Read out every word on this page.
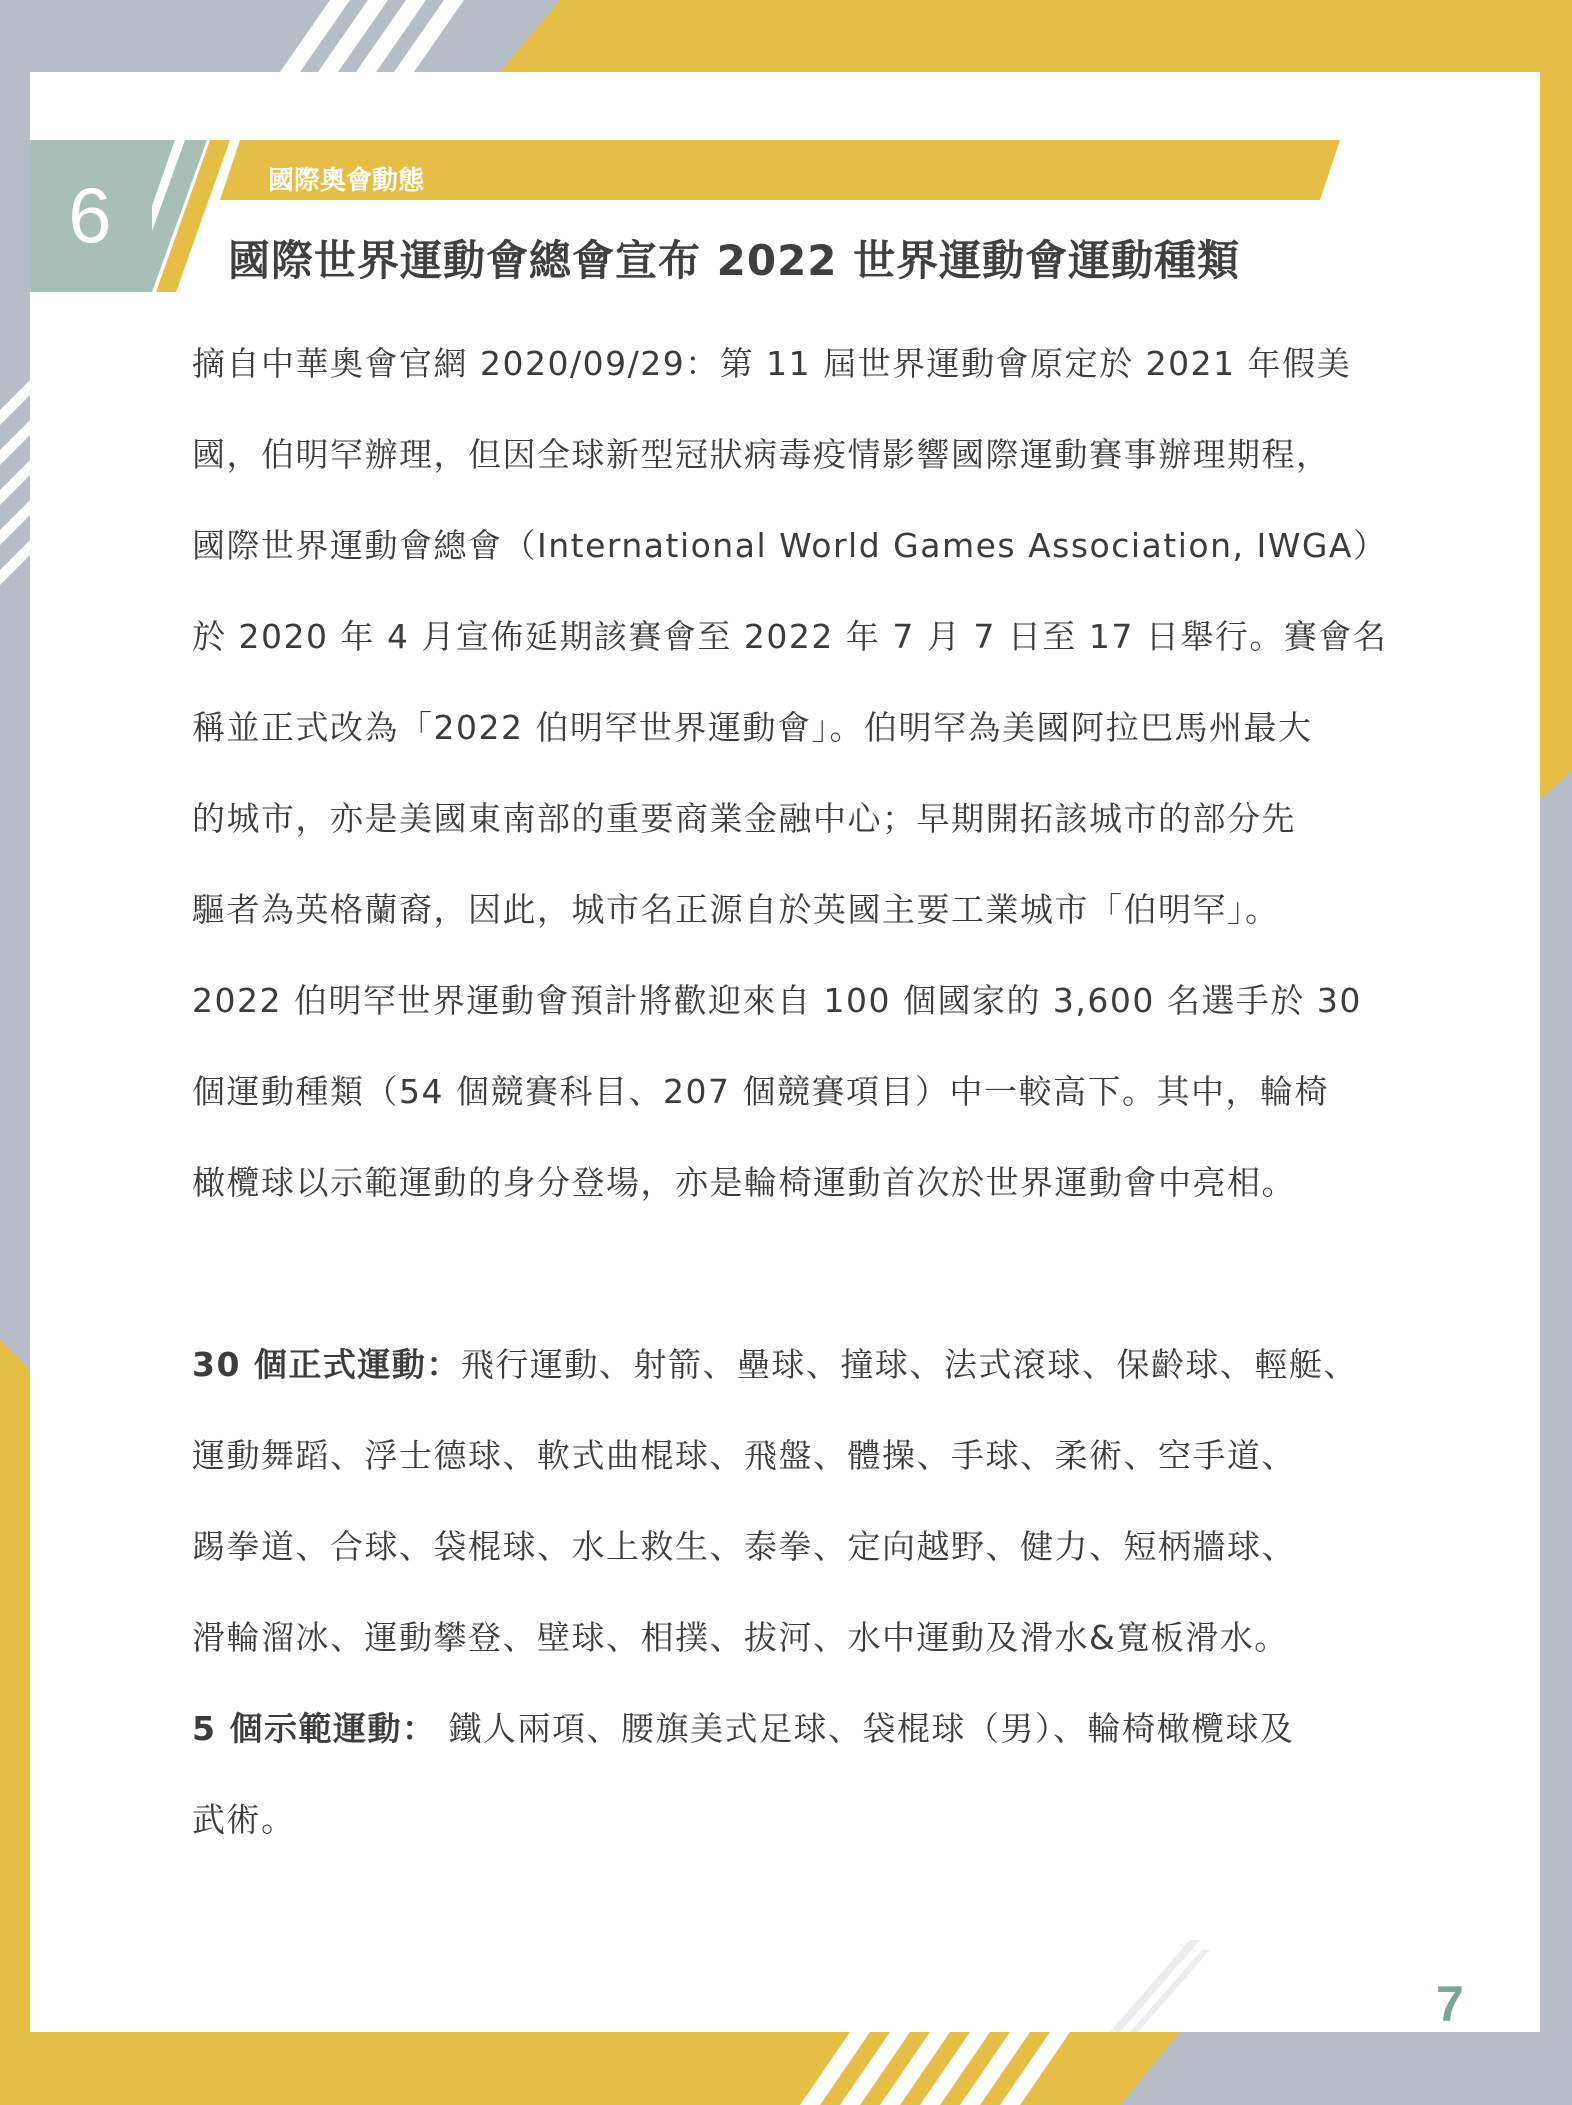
6	國際奧會動態
國際世界運動會總會宣布 2022 世界運動會運動種類
摘自中華奧會官網 2020/09/29：第 11 屆世界運動會原定於 2021 年假美
國，伯明罕辦理，但因全球新型冠狀病毒疫情影響國際運動賽事辦理期程，
國際世界運動會總會（International World Games Association, IWGA）
於 2020 年 4 月宣佈延期該賽會至 2022 年 7 月 7 日至 17 日舉行。賽會名
稱並正式改為「2022 伯明罕世界運動會」。伯明罕為美國阿拉巴馬州最大
的城市，亦是美國東南部的重要商業金融中心；早期開拓該城市的部分先
驅者為英格蘭裔，因此，城市名正源自於英國主要工業城市「伯明罕」。
2022 伯明罕世界運動會預計將歡迎來自 100 個國家的 3,600 名選手於 30
個運動種類（54 個競賽科目、207 個競賽項目）中一較高下。其中，輪椅
橄欖球以示範運動的身分登場，亦是輪椅運動首次於世界運動會中亮相。
30 個正式運動：飛行運動、射箭、壘球、撞球、法式滾球、保齡球、輕艇、
運動舞蹈、浮士德球、軟式曲棍球、飛盤、體操、手球、柔術、空手道、
踢拳道、合球、袋棍球、水上救生、泰拳、定向越野、健力、短柄牆球、
滑輪溜冰、運動攀登、壁球、相撲、拔河、水中運動及滑水&寬板滑水。
5 個示範運動： 鐵人兩項、腰旗美式足球、袋棍球（男）、輪椅橄欖球及
武術。
7
